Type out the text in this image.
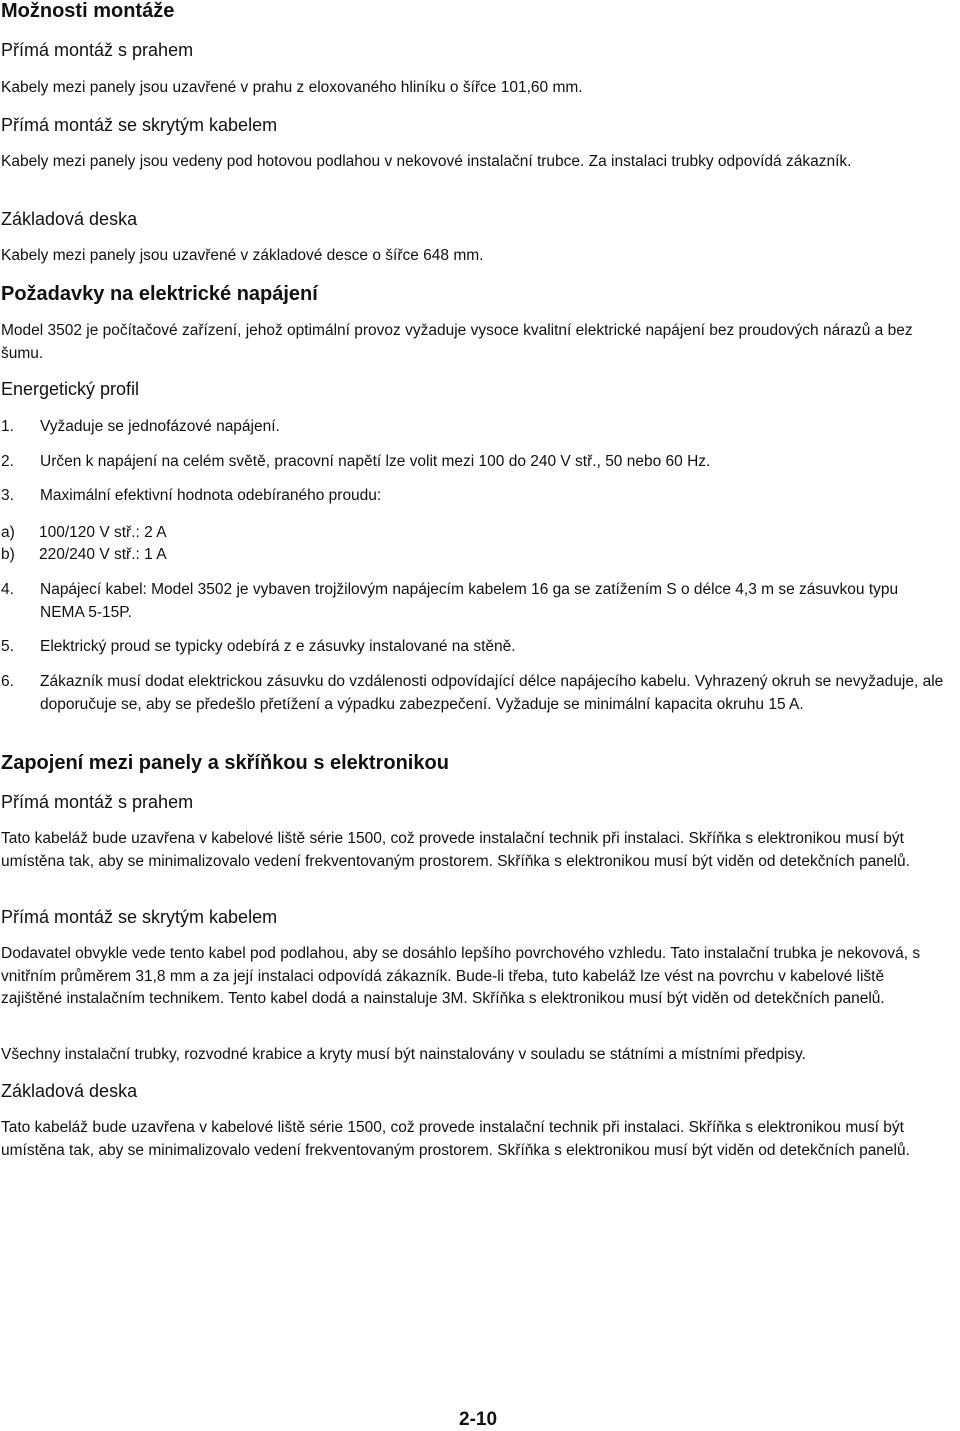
Možnosti montáže
Přímá montáž s prahem

Kabely mezi panely jsou uzavřené v prahu z eloxovaného hliníku o šířce 101,60 mm.

Přímá montáž se skrytým kabelem

Kabely mezi panely jsou vedeny pod hotovou podlahou v nekovové instalační trubce. Za instalaci trubky odpovídá zákazník.

Základová deska

Kabely mezi panely jsou uzavřené v základové desce o šířce 648 mm.

Požadavky na elektrické napájení

Model 3502 je počítačové zařízení, jehož optimální provoz vyžaduje vysoce kvalitní elektrické napájení bez proudových nárazů a bez šumu.

Energetický profil
1. Vyžaduje se jednofázové napájení.
2. Určen k napájení na celém světě, pracovní napětí lze volit mezi 100 do 240 V stř., 50 nebo 60 Hz.
3. Maximální efektivní hodnota odebíraného proudu:
a) 100/120 V stř.: 2 A
b) 220/240 V stř.: 1 A
4. Napájecí kabel: Model 3502 je vybaven trojžilovým napájecím kabelem 16 ga se zatížením S o délce 4,3 m se zásuvkou typu NEMA 5-15P.
5. Elektrický proud se typicky odebírá z e zásuvky instalované na stěně.
6. Zákazník musí dodat elektrickou zásuvku do vzdálenosti odpovídající délce napájecího kabelu. Vyhrazený okruh se nevyžaduje, ale doporučuje se, aby se předešlo přetížení a výpadku zabezpečení. Vyžaduje se minimální kapacita okruhu 15 A.
Zapojení mezi panely a skříňkou s elektronikou
Přímá montáž s prahem

Tato kabeláž bude uzavřena v kabelové liště série 1500, což provede instalační technik při instalaci. Skříňka s elektronikou musí být umístěna tak, aby se minimalizovalo vedení frekventovaným prostorem. Skříňka s elektronikou musí být viděn od detekčních panelů.

Přímá montáž se skrytým kabelem

Dodavatel obvykle vede tento kabel pod podlahou, aby se dosáhlo lepšího povrchového vzhledu. Tato instalační trubka je nekovová, s vnitřním průměrem 31,8 mm a za její instalaci odpovídá zákazník. Bude-li třeba, tuto kabeláž lze vést na povrchu v kabelové liště zajištěné instalačním technikem. Tento kabel dodá a nainstaluje 3M. Skříňka s elektronikou musí být viděn od detekčních panelů.

Všechny instalační trubky, rozvodné krabice a kryty musí být nainstalovány v souladu se státními a místními předpisy.

Základová deska

Tato kabeláž bude uzavřena v kabelové liště série 1500, což provede instalační technik při instalaci. Skříňka s elektronikou musí být umístěna tak, aby se minimalizovalo vedení frekventovaným prostorem. Skříňka s elektronikou musí být viděn od detekčních panelů.

2-10
